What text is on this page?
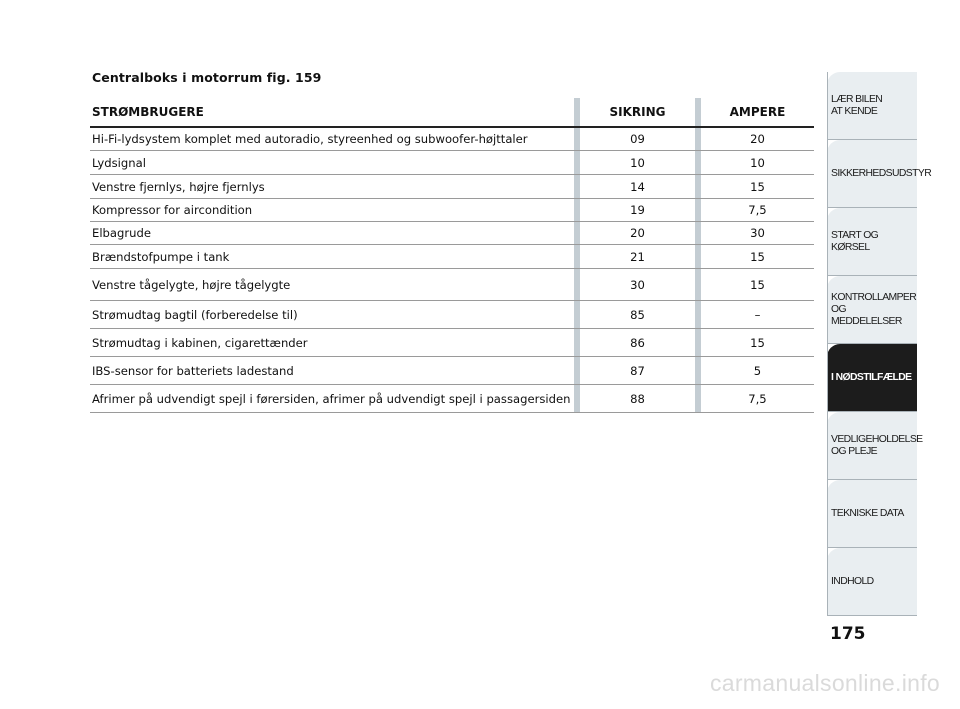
Centralboks i motorrum fig. 159
STRØMBRUGERE	SIKRING	AMPERE
Hi-Fi-lydsystem komplet med autoradio, styreenhed og subwoofer-højttaler	09	20
Lydsignal	10	10
Venstre fjernlys, højre fjernlys	14	15
Kompressor for aircondition	19	7,5
Elbagrude	20	30
Brændstofpumpe i tank	21	15
Venstre tågelygte, højre tågelygte	30	15
Strømudtag bagtil (forberedelse til)	85	–
Strømudtag i kabinen, cigarettænder	86	15
IBS-sensor for batteriets ladestand	87	5
Afrimer på udvendigt spejl i førersiden, afrimer på udvendigt spejl i passagersiden	88	7,5
LÆR BILEN
AT KENDE
SIKKERHEDSUDSTYR
START OG KØRSEL
KONTROLLAMPER
OG MEDDELELSER
I NØDSTILFÆLDE
VEDLIGEHOLDELSE
OG PLEJE
TEKNISKE DATA
INDHOLD
175
carmanualsonline.info
